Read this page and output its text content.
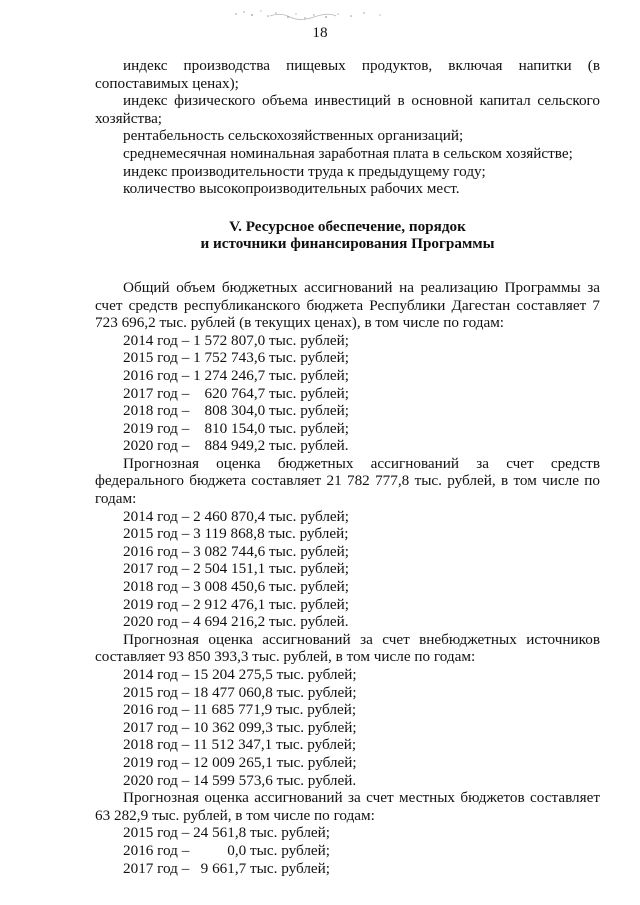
18

индекс производства пищевых продуктов, включая напитки (в сопоставимых ценах);

индекс физического объема инвестиций в основной капитал сельского хозяйства;

рентабельность сельскохозяйственных организаций;

среднемесячная номинальная заработная плата в сельском хозяйстве;

индекс производительности труда к предыдущему году;

количество высокопроизводительных рабочих мест.

V. Ресурсное обеспечение, порядок

и источники финансирования Программы

Общий объем бюджетных ассигнований на реализацию Программы за счет средств республиканского бюджета Республики Дагестан составляет 7 723 696,2 тыс. рублей (в текущих ценах), в том числе по годам:

2014 год – 1 572 807,0 тыс. рублей;

2015 год – 1 752 743,6 тыс. рублей;

2016 год – 1 274 246,7 тыс. рублей;

2017 год –    620 764,7 тыс. рублей;

2018 год –    808 304,0 тыс. рублей;

2019 год –    810 154,0 тыс. рублей;

2020 год –    884 949,2 тыс. рублей.

Прогнозная оценка бюджетных ассигнований за счет средств федерального бюджета составляет 21 782 777,8 тыс. рублей, в том числе по годам:

2014 год – 2 460 870,4 тыс. рублей;

2015 год – 3 119 868,8 тыс. рублей;

2016 год – 3 082 744,6 тыс. рублей;

2017 год – 2 504 151,1 тыс. рублей;

2018 год – 3 008 450,6 тыс. рублей;

2019 год – 2 912 476,1 тыс. рублей;

2020 год – 4 694 216,2 тыс. рублей.

Прогнозная оценка ассигнований за счет внебюджетных источников составляет 93 850 393,3 тыс. рублей, в том числе по годам:

2014 год – 15 204 275,5 тыс. рублей;

2015 год – 18 477 060,8 тыс. рублей;

2016 год – 11 685 771,9 тыс. рублей;

2017 год – 10 362 099,3 тыс. рублей;

2018 год – 11 512 347,1 тыс. рублей;

2019 год – 12 009 265,1 тыс. рублей;

2020 год – 14 599 573,6 тыс. рублей.

Прогнозная оценка ассигнований за счет местных бюджетов составляет 63 282,9 тыс. рублей, в том числе по годам:

2015 год – 24 561,8 тыс. рублей;

2016 год –          0,0 тыс. рублей;

2017 год –   9 661,7 тыс. рублей;
